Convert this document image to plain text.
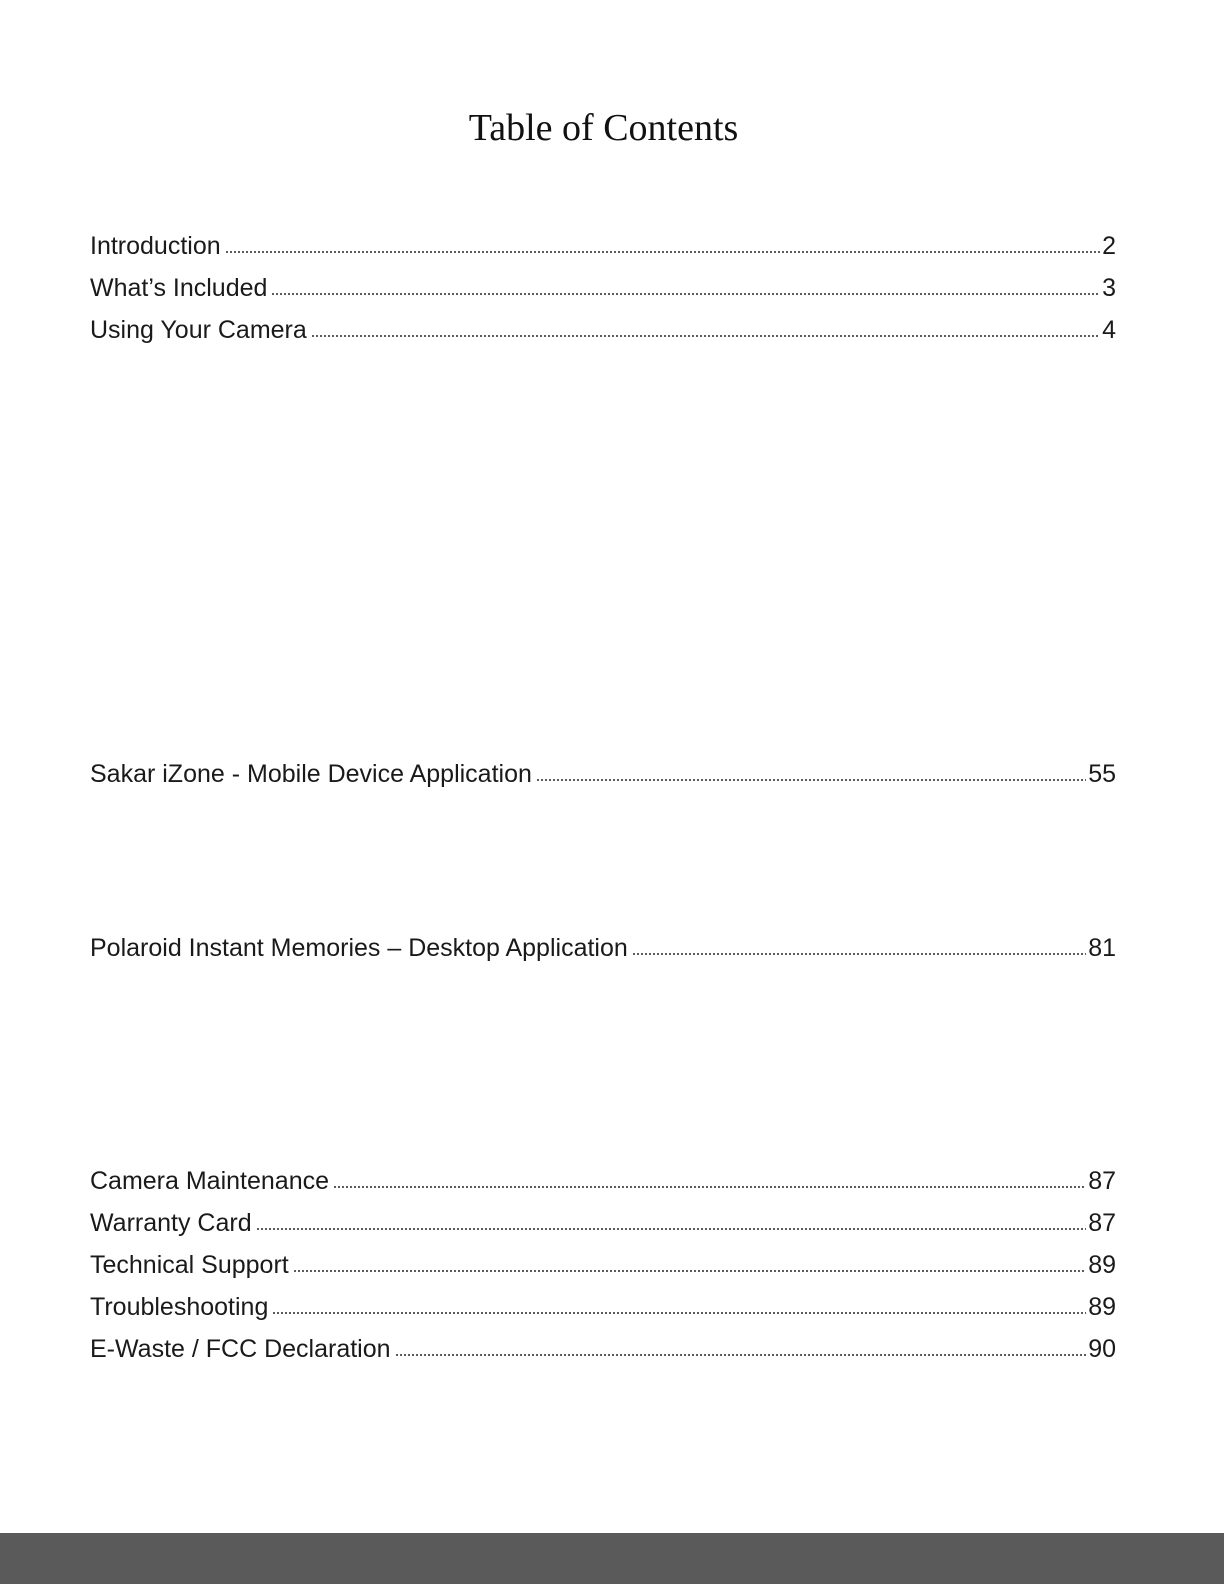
Table of Contents
Introduction	2
What’s Included	3
Using Your Camera	4
Sakar iZone - Mobile Device Application	55
Polaroid Instant Memories – Desktop Application	81
Camera Maintenance	87
Warranty Card	87
Technical Support	89
Troubleshooting	89
E-Waste / FCC Declaration	90
